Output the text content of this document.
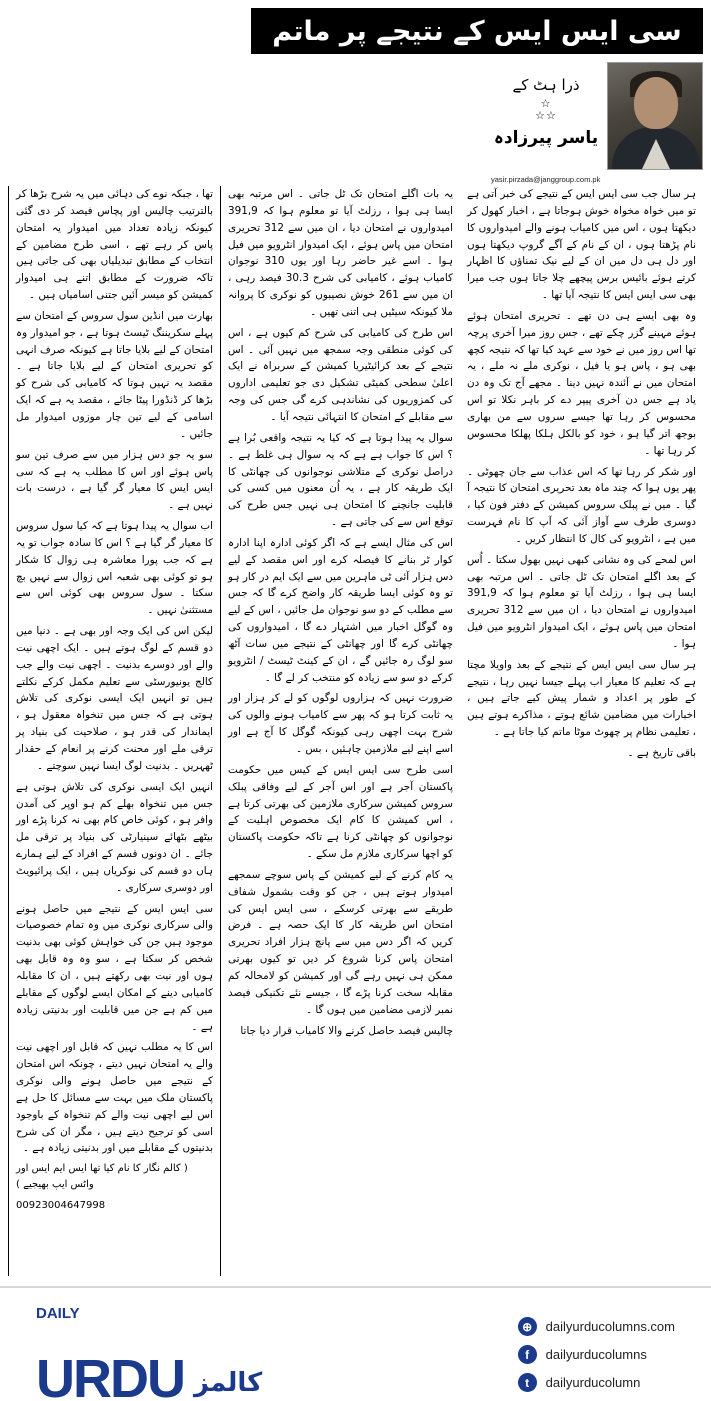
سی ایس ایس کے نتیجے پر ماتم
ذرا ہٹ کے
☆
☆☆
یاسر پیرزادہ
yasir.pirzada@janggroup.com.pk

تھا ، جبکہ نوے کی دہائی میں یہ شرح بڑھا کر بالترتیب چالیس اور پچاس فیصد کر دی گئی کیونکہ زیادہ تعداد میں امیدوار یہ امتحان پاس کر رہے تھے ، اسی طرح مضامین کے انتخاب کے مطابق تبدیلیاں بھی کی جاتی ہیں تاکہ ضرورت کے مطابق اتنے ہی امیدوار کمیشن کو میسر آئیں جتنی اسامیاں ہیں ۔

بھارت میں انڈین سول سروس کے امتحان سے پہلے سکریننگ ٹیسٹ ہوتا ہے ، جو امیدوار وہ امتحان کے لیے بلایا جاتا ہے کیونکہ صرف انہی کو تحریری امتحان کے لیے بلایا جاتا ہے ۔ مقصد یہ نہیں ہوتا کہ کامیابی کی شرح کو بڑھا کر ڈنڈورا پیٹا جائے ، مقصد یہ ہے کہ ایک اسامی کے لیے تین چار موزوں امیدوار مل جائیں ۔

سو یہ جو دس ہزار میں سے صرف تین سو پاس ہوئے اور اس کا مطلب یہ ہے کہ سی ایس ایس کا معیار گر گیا ہے ، درست بات نہیں ہے ۔

اب سوال یہ پیدا ہوتا ہے کہ کیا سول سروس کا معیار گر گیا ہے ؟ اس کا سادہ جواب تو یہ ہے کہ جب پورا معاشرہ ہی زوال کا شکار ہو تو کوئی بھی شعبہ اس زوال سے نہیں بچ سکتا ۔ سول سروس بھی کوئی اس سے مستثنیٰ نہیں ۔

لیکن اس کی ایک وجہ اور بھی ہے ۔ دنیا میں دو قسم کے لوگ ہوتے ہیں ۔ ایک اچھی نیت والے اور دوسرے بدنیت ۔ اچھی نیت والے جب کالج یونیورسٹی سے تعلیم مکمل کرکے نکلتے ہیں تو انہیں ایک ایسی نوکری کی تلاش ہوتی ہے کہ جس میں تنخواہ معقول ہو ، ایماندار کی قدر ہو ، صلاحیت کی بنیاد پر ترقی ملے اور محنت کرنے پر انعام کے حقدار ٹھہریں ۔ بدنیت لوگ ایسا نہیں سوچتے ۔

انہیں ایک ایسی نوکری کی تلاش ہوتی ہے جس میں تنخواہ بھلے کم ہو اوپر کی آمدن وافر ہو ، کوئی خاص کام بھی نہ کرنا پڑے اور بیٹھے بٹھائے سینیارٹی کی بنیاد پر ترقی مل جائے ۔ ان دونوں قسم کے افراد کے لیے ہمارے ہاں دو قسم کی نوکریاں ہیں ، ایک پرائیویٹ اور دوسری سرکاری ۔

سی ایس ایس کے نتیجے میں حاصل ہونے والی سرکاری نوکری میں وہ تمام خصوصیات موجود ہیں جن کی خواہش کوئی بھی بدنیت شخص کر سکتا ہے ، سو وہ وہ قابل بھی ہوں اور نیت بھی رکھتے ہیں ، ان کا مقابلہ کامیابی دینے کے امکان ایسے لوگوں کے مقابلے میں کم ہے جن میں قابلیت اور بدنیتی زیادہ ہے ۔

اس کا یہ مطلب نہیں کہ قابل اور اچھی نیت والے یہ امتحان نہیں دیتے ، چونکہ اس امتحان کے نتیجے میں حاصل ہونے والی نوکری پاکستان ملک میں بہت سے مسائل کا حل ہے اس لیے اچھی نیت والے کم تنخواہ کے باوجود اسی کو ترجیح دیتے ہیں ، مگر ان کی شرح بدنیتوں کے مقابلے میں اور بدنیتی زیادہ ہے ۔

( کالم نگار کا نام کیا تھا ایس ایم ایس اور واٹس ایپ بھیجیے )

00923004647998

یہ بات اگلے امتحان تک ٹل جاتی ۔ اس مرتبہ بھی ایسا ہی ہوا ، رزلٹ آیا تو معلوم ہوا کہ 391,9 امیدواروں نے امتحان دیا ، ان میں سے 312 تحریری امتحان میں پاس ہوئے ، ایک امیدوار انٹرویو میں فیل ہوا ۔ اسے غیر حاضر رہا اور یوں 310 نوجوان کامیاب ہوئے ، کامیابی کی شرح 30.3 فیصد رہی ، ان میں سے 261 خوش نصیبوں کو نوکری کا پروانہ ملا کیونکہ سیٹیں ہی اتنی تھیں ۔

اس طرح کی کامیابی کی شرح کم کیوں ہے ، اس کی کوئی منطقی وجہ سمجھ میں نہیں آئی ۔ اس نتیجے کے بعد کرائیٹیریا کمیشن کے سربراہ نے ایک اعلیٰ سطحی کمیٹی تشکیل دی جو تعلیمی اداروں کی کمزوریوں کی نشاندہی کرے گی جس کی وجہ سے مقابلے کے امتحان کا انتہائی نتیجہ آیا ۔

سوال یہ پیدا ہوتا ہے کہ کیا یہ نتیجہ واقعی بُرا ہے ؟ اس کا جواب ہے ہے کہ یہ سوال ہی غلط ہے ۔ دراصل نوکری کے متلاشی نوجوانوں کی چھانٹی کا ایک طریقہ کار ہے ، یہ اُن معنوں میں کسی کی قابلیت جانچنے کا امتحان ہی نہیں جس طرح کی توقع اس سے کی جاتی ہے ۔

اس کی مثال ایسے ہے کہ اگر کوئی ادارہ اپنا ادارہ کوار ٹر بنانے کا فیصلہ کرے اور اس مقصد کے لیے دس ہزار آئی ٹی ماہرین میں سے ایک ایم در کار ہو تو وہ کوئی ایسا طریقہ کار واضح کرے گا کہ جس سے مطلب کے دو سو نوجوان مل جائیں ، اس کے لیے وہ گوگل اخبار میں اشتہار دے گا ، امیدواروں کی چھانٹی کرے گا اور چھانٹی کے نتیجے میں سات آٹھ سو لوگ رہ جائیں گے ، ان کے کینٹ ٹیسٹ / انٹرویو کرکے دو سو سے زیادہ کو منتخب کر لے گا ۔

ضرورت نہیں کہ ہزاروں لوگوں کو لے کر ہزار اور یہ ثابت کرتا ہو کہ پھر سے کامیاب ہونے والوں کی شرح بہت اچھی رہی کیونکہ گوگل کا آج ہے اور اسے اپنے لیے ملازمین چاہئیں ، بس ۔

اسی طرح سی ایس ایس کے کیس میں حکومت پاکستان آجر ہے اور اس آجر کے لیے وفاقی پبلک سروس کمیشن سرکاری ملازمین کی بھرتی کرتا ہے ، اس کمیشن کا کام ایک مخصوص اہلیت کے نوجوانوں کو چھانٹی کرنا ہے تاکہ حکومت پاکستان کو اچھا سرکاری ملازم مل سکے ۔

یہ کام کرنے کے لیے کمیشن کے پاس سوچے سمجھے امیدوار ہوتے ہیں ، جن کو وقت بشمول شفاف طریقے سے بھرتی کرسکے ، سی ایس ایس کی امتحان اس طریقہ کار کا ایک حصہ ہے ۔ فرض کریں کہ اگر دس میں سے پانچ ہزار افراد تحریری امتحان پاس کرنا شروع کر دیں تو کیوں بھرتی ممکن ہی نہیں رہے گی اور کمیشن کو لامحالہ کم مقابلہ سخت کرنا پڑے گا ، جیسے نئے تکنیکی فیصد نمبر لازمی مضامین میں ہوں گا ۔

چالیس فیصد حاصل کرنے والا کامیاب قرار دیا جاتا

ہر سال جب سی ایس ایس کے نتیجے کی خبر آتی ہے تو میں خواہ مخواہ خوش ہوجاتا ہے ، اخبار کھول کر دیکھتا ہوں ، اس میں کامیاب ہونے والے امیدواروں کا نام پڑھتا ہوں ، ان کے نام کے آگے گروپ دیکھتا ہوں اور دل ہی دل میں ان کے لیے نیک تمناؤں کا اظہار کرتے ہوئے بائیس برس پیچھے چلا جاتا ہوں جب میرا بھی سی ایس ایس کا نتیجہ آیا تھا ۔

وہ بھی ایسے ہی دن تھے ۔ تحریری امتحان ہوئے ہوئے مہینے گزر چکے تھے ، جس روز میرا آخری پرچہ تھا اس روز میں نے خود سے عہد کیا تھا کہ نتیجہ کچھ بھی ہو ، پاس ہو یا فیل ، نوکری ملے نہ ملے ، یہ امتحان میں نے آئندہ نہیں دینا ۔ مجھے آج تک وہ دن یاد ہے جس دن آخری پیپر دے کر باہر نکلا تو اس محسوس کر رہا تھا جیسے سروں سے من بھاری بوجھ اتر گیا ہو ، خود کو بالکل ہلکا پھلکا محسوس کر رہا تھا ۔

اور شکر کر رہا تھا کہ اس عذاب سے جان چھوٹی ۔ پھر یوں ہوا کہ چند ماہ بعد تحریری امتحان کا نتیجہ آ گیا ۔ میں نے پبلک سروس کمیشن کے دفتر فون کیا ، دوسری طرف سے آواز آئی کہ آپ کا نام فہرست میں ہے ، انٹرویو کی کال کا انتظار کریں ۔

اس لمحے کی وہ نشانی کبھی نہیں بھول سکتا ۔ اُس کے بعد اگلے امتحان تک ٹل جاتی ۔ اس مرتبہ بھی ایسا ہی ہوا ، رزلٹ آیا تو معلوم ہوا کہ 391,9 امیدواروں نے امتحان دیا ، ان میں سے 312 تحریری امتحان میں پاس ہوئے ، ایک امیدوار انٹرویو میں فیل ہوا ۔

ہر سال سی ایس ایس کے نتیجے کے بعد واویلا مچتا ہے کہ تعلیم کا معیار اب پہلے جیسا نہیں رہا ، نتیجے کے طور پر اعداد و شمار پیش کیے جاتے ہیں ، اخبارات میں مضامین شائع ہوتے ، مذاکرے ہوتے ہیں ، تعلیمی نظام پر چھوٹ موٹا ماتم کیا جاتا ہے ۔

باقی تاریخ ہے ۔

DAILY
URDU کالمز
⊕	dailyurducolumns.com
f	dailyurducolumns
t	dailyurducolumn
